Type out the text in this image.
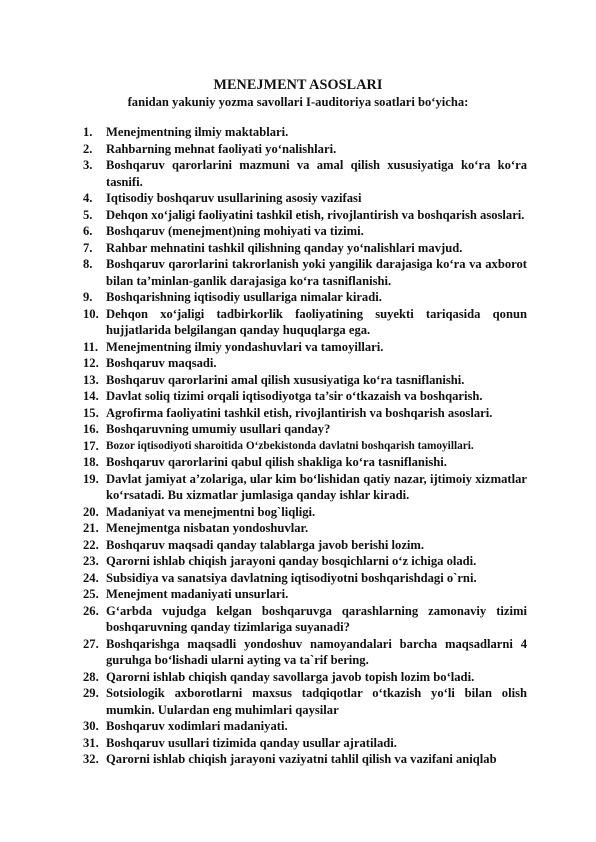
MENEJMENT ASOSLARI
fanidan yakuniy yozma savollari I-auditoriya soatlari bo‘yicha:
1.	Menejmentning ilmiy maktablari.
2.	Rahbarning mehnat faoliyati yo‘nalishlari.
3.	Boshqaruv qarorlarini mazmuni va amal qilish xususiyatiga ko‘ra ko‘ra tasnifi.
4.	Iqtisodiy boshqaruv usullarining asosiy vazifasi
5.	Dehqon xo‘jaligi faoliyatini tashkil etish, rivojlantirish va boshqarish asoslari.
6.	Boshqaruv (menejment)ning mohiyati va tizimi.
7.	Rahbar mehnatini tashkil qilishning qanday yo‘nalishlari mavjud.
8.	Boshqaruv qarorlarini takrorlanish yoki yangilik darajasiga ko‘ra va axborot bilan ta’minlan-ganlik darajasiga ko‘ra tasniflanishi.
9.	Boshqarishning iqtisodiy usullariga nimalar kiradi.
10. Dehqon xo‘jaligi tadbirkorlik faoliyatining suyekti tariqasida qonun hujjatlarida belgilangan qanday huquqlarga ega.
11. Menejmentning ilmiy yondashuvlari va tamoyillari.
12. Boshqaruv maqsadi.
13. Boshqaruv qarorlarini amal qilish xususiyatiga ko‘ra tasniflanishi.
14. Davlat soliq tizimi orqali iqtisodiyotga ta’sir o‘tkazaish va boshqarish.
15. Agrofirma faoliyatini tashkil etish, rivojlantirish va boshqarish asoslari.
16. Boshqaruvning umumiy usullari qanday?
17. Bozor iqtisodiyoti sharoitida O‘zbekistonda davlatni boshqarish tamoyillari.
18. Boshqaruv qarorlarini qabul qilish shakliga ko‘ra tasniflanishi.
19. Davlat jamiyat a’zolariga, ular kim bo‘lishidan qatiy nazar, ijtimoiy xizmatlar ko‘rsatadi. Bu xizmatlar jumlasiga qanday ishlar kiradi.
20. Madaniyat va menejmentni bog`liqligi.
21. Menejmentga nisbatan yondoshuvlar.
22. Boshqaruv maqsadi qanday talablarga javob berishi lozim.
23. Qarorni ishlab chiqish jarayoni qanday bosqichlarni o‘z ichiga oladi.
24. Subsidiya va sanatsiya davlatning iqtisodiyotni boshqarishdagi o`rni.
25. Menejment madaniyati unsurlari.
26. G‘arbda vujudga kelgan boshqaruvga qarashlarning zamonaviy tizimi boshqaruvning qanday tizimlariga suyanadi?
27. Boshqarishga maqsadli yondoshuv namoyandalari barcha maqsadlarni 4 guruhga bo‘lishadi ularni ayting va ta`rif bering.
28. Qarorni ishlab chiqish qanday savollarga javob topish lozim bo‘ladi.
29. Sotsiologik axborotlarni maxsus tadqiqotlar o‘tkazish yo‘li bilan olish mumkin. Uulardan eng muhimlari qaysilar
30. Boshqaruv xodimlari madaniyati.
31. Boshqaruv usullari tizimida qanday usullar ajratiladi.
32. Qarorni ishlab chiqish jarayoni vaziyatni tahlil qilish va vazifani aniqlab
